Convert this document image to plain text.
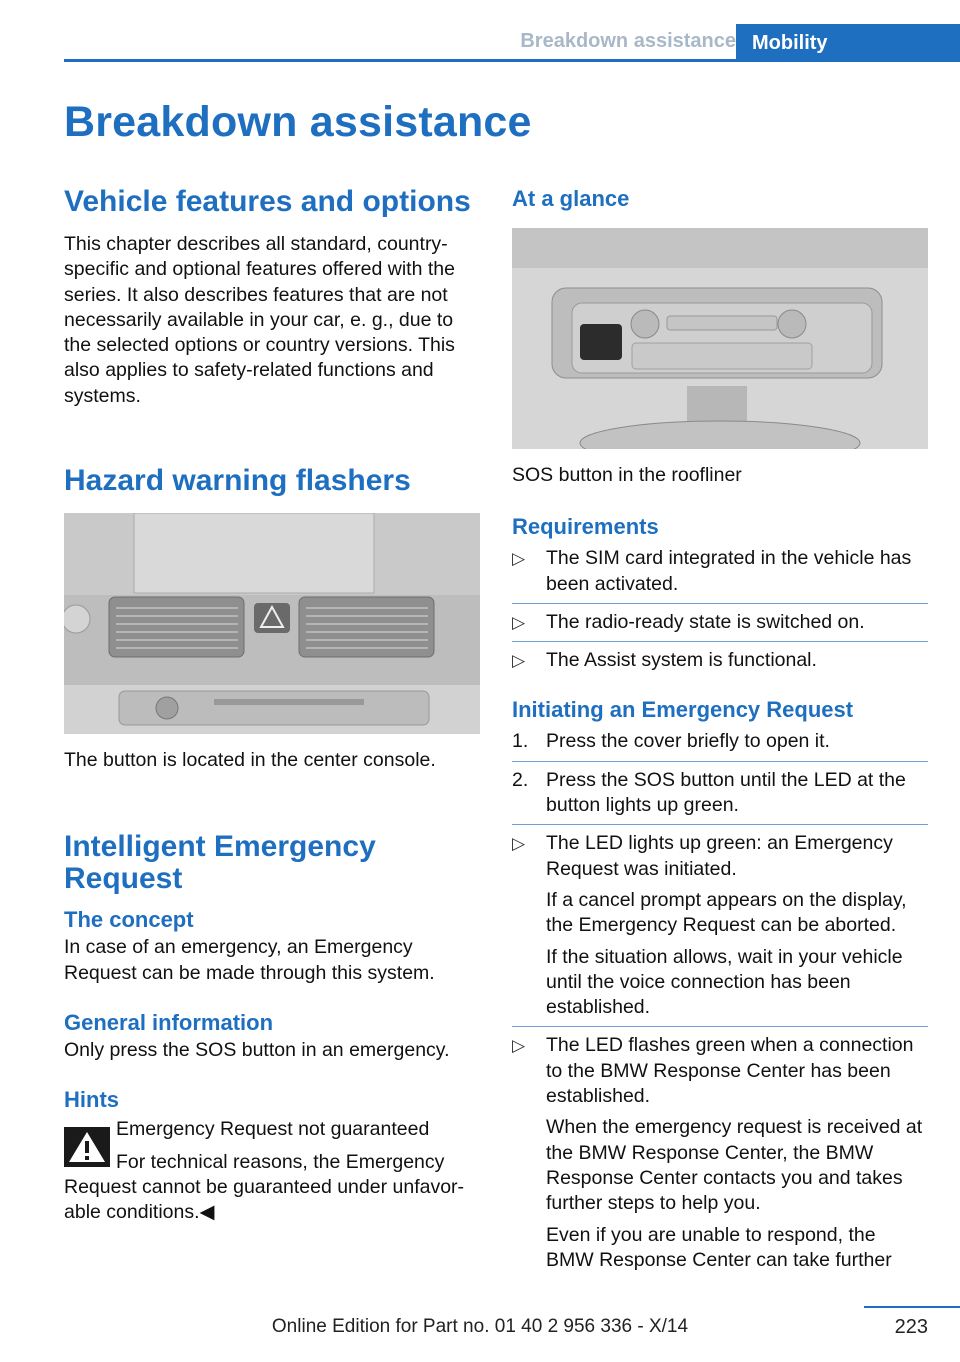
Breakdown assistance Mobility
Breakdown assistance
Vehicle features and options

This chapter describes all standard, country-specific and optional features offered with the series. It also describes features that are not necessarily available in your car, e. g., due to the selected options or country versions. This also applies to safety-related functions and systems.

Hazard warning flashers

The button is located in the center console.

Intelligent Emergency Request
The concept

In case of an emergency, an Emergency Request can be made through this system.

General information

Only press the SOS button in an emergency.

Hints

Emergency Request not guaranteed

For technical reasons, the Emergency

Request cannot be guaranteed under unfavor-able conditions.◀

At a glance

SOS button in the roofliner

Requirements
▷ The SIM card integrated in the vehicle has been activated.
▷ The radio-ready state is switched on.
▷ The Assist system is functional.
Initiating an Emergency Request
1. Press the cover briefly to open it.
2. Press the SOS button until the LED at the button lights up green.
▷ The LED lights up green: an Emergency Request was initiated.
If a cancel prompt appears on the display, the Emergency Request can be aborted.
If the situation allows, wait in your vehicle until the voice connection has been established.
▷ The LED flashes green when a connection to the BMW Response Center has been established.
When the emergency request is received at the BMW Response Center, the BMW Response Center contacts you and takes further steps to help you.
Even if you are unable to respond, the BMW Response Center can take further
Online Edition for Part no. 01 40 2 956 336 - X/14	223
